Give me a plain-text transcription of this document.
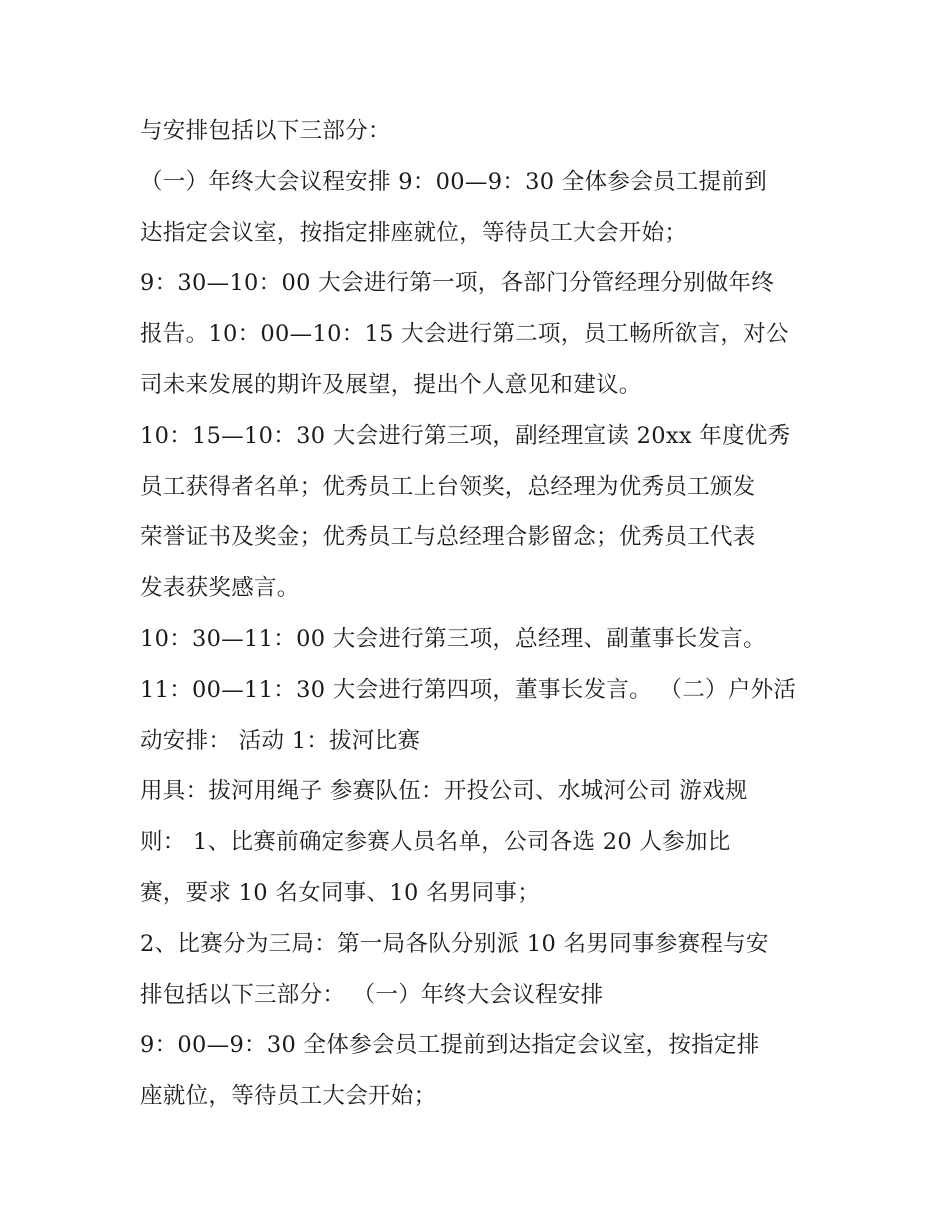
与安排包括以下三部分：
（一）年终大会议程安排 9：00—9：30 全体参会员工提前到
达指定会议室，按指定排座就位，等待员工大会开始；
9：30—10：00 大会进行第一项，各部门分管经理分别做年终
报告。10：00—10：15 大会进行第二项，员工畅所欲言，对公
司未来发展的期许及展望，提出个人意见和建议。
10：15—10：30 大会进行第三项，副经理宣读 20xx 年度优秀
员工获得者名单；优秀员工上台领奖，总经理为优秀员工颁发
荣誉证书及奖金；优秀员工与总经理合影留念；优秀员工代表
发表获奖感言。
10：30—11：00 大会进行第三项，总经理、副董事长发言。
11：00—11：30 大会进行第四项，董事长发言。 （二）户外活
动安排： 活动 1：拔河比赛
用具：拔河用绳子 参赛队伍：开投公司、水城河公司 游戏规
则： 1、比赛前确定参赛人员名单，公司各选 20 人参加比
赛，要求 10 名女同事、10 名男同事；
2、比赛分为三局：第一局各队分别派 10 名男同事参赛程与安
排包括以下三部分： （一）年终大会议程安排
9：00—9：30 全体参会员工提前到达指定会议室，按指定排
座就位，等待员工大会开始；
